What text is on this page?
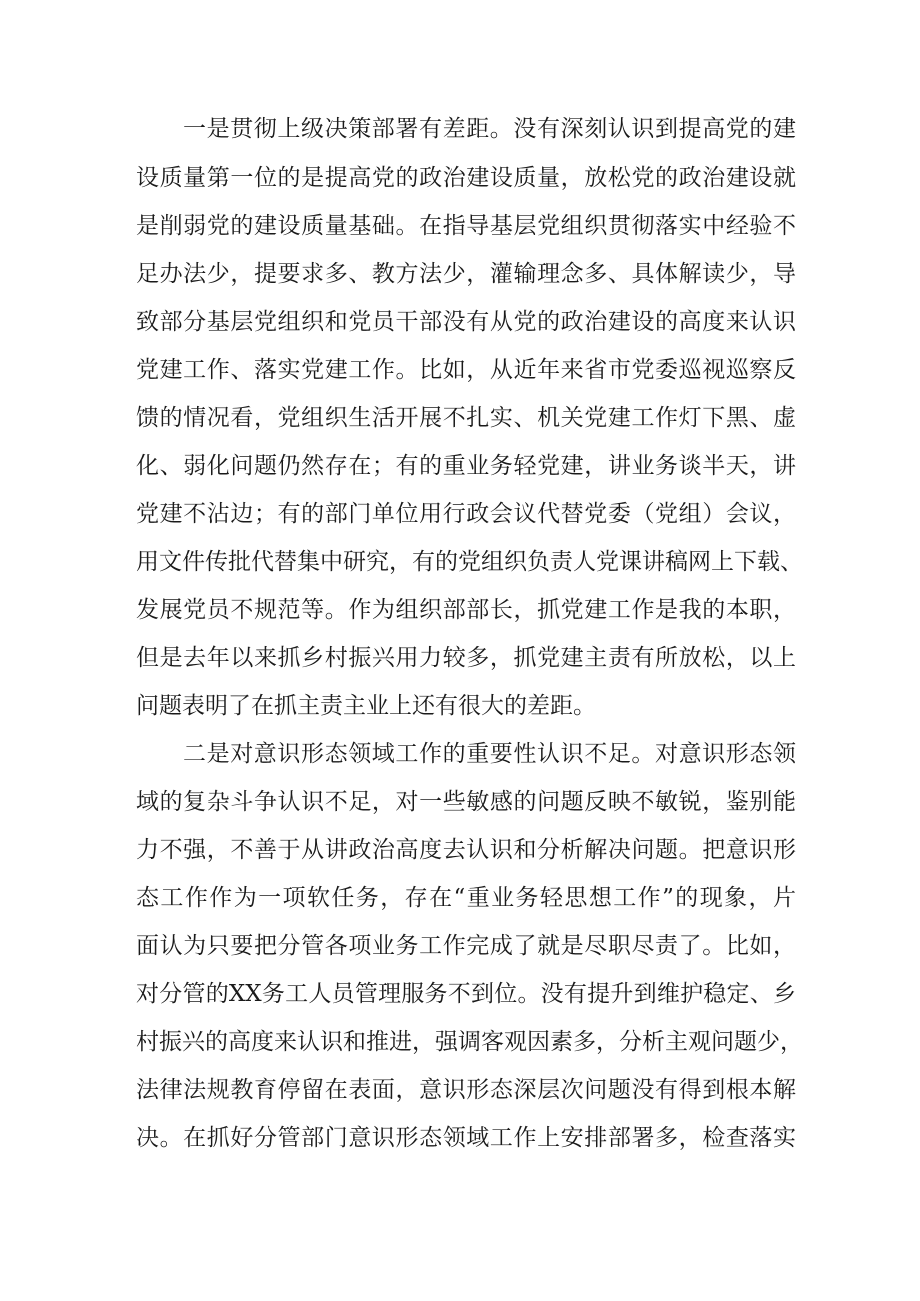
一是贯彻上级决策部署有差距。没有深刻认识到提高党的建
设质量第一位的是提高党的政治建设质量，放松党的政治建设就
是削弱党的建设质量基础。在指导基层党组织贯彻落实中经验不
足办法少，提要求多、教方法少，灌输理念多、具体解读少，导
致部分基层党组织和党员干部没有从党的政治建设的高度来认识
党建工作、落实党建工作。比如，从近年来省市党委巡视巡察反
馈的情况看，党组织生活开展不扎实、机关党建工作灯下黑、虚
化、弱化问题仍然存在；有的重业务轻党建，讲业务谈半天，讲
党建不沾边；有的部门单位用行政会议代替党委（党组）会议，
用文件传批代替集中研究，有的党组织负责人党课讲稿网上下载、
发展党员不规范等。作为组织部部长，抓党建工作是我的本职，
但是去年以来抓乡村振兴用力较多，抓党建主责有所放松，以上
问题表明了在抓主责主业上还有很大的差距。
二是对意识形态领域工作的重要性认识不足。对意识形态领
域的复杂斗争认识不足，对一些敏感的问题反映不敏锐，鉴别能
力不强，不善于从讲政治高度去认识和分析解决问题。把意识形
态工作作为一项软任务，存在“重业务轻思想工作”的现象，片
面认为只要把分管各项业务工作完成了就是尽职尽责了。比如，
对分管的XX务工人员管理服务不到位。没有提升到维护稳定、乡
村振兴的高度来认识和推进，强调客观因素多，分析主观问题少，
法律法规教育停留在表面，意识形态深层次问题没有得到根本解
决。在抓好分管部门意识形态领域工作上安排部署多，检查落实
